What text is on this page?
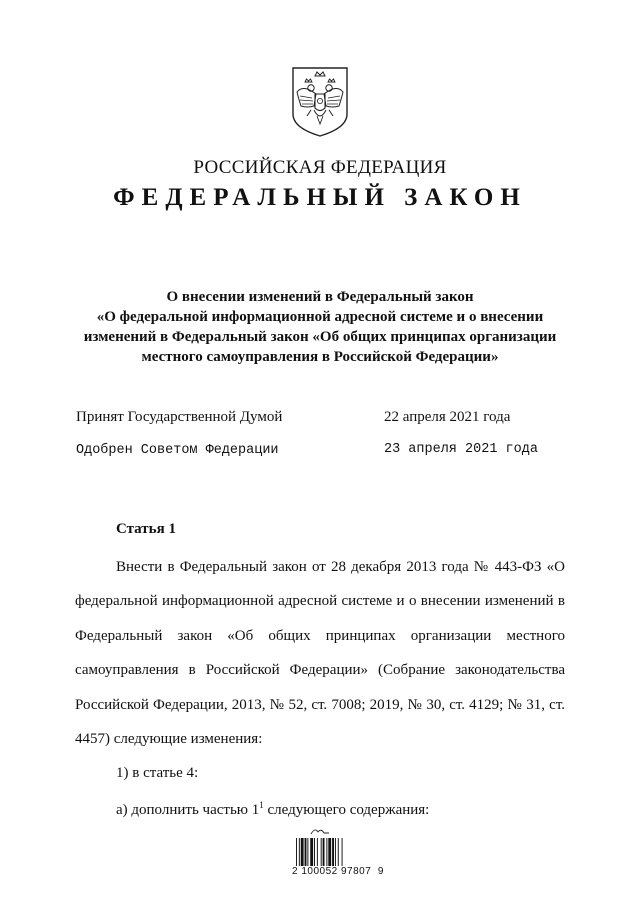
РОССИЙСКАЯ ФЕДЕРАЦИЯ
ФЕДЕРАЛЬНЫЙ ЗАКОН
О внесении изменений в Федеральный закон
«О федеральной информационной адресной системе и о внесении
изменений в Федеральный закон «Об общих принципах организации
местного самоуправления в Российской Федерации»
Принят Государственной Думой	22 апреля 2021 года
Одобрен Советом Федерации	23 апреля 2021 года
Статья 1

Внести в Федеральный закон от 28 декабря 2013 года № 443-ФЗ «О федеральной информационной адресной системе и о внесении изменений в Федеральный закон «Об общих принципах организации местного самоуправления в Российской Федерации» (Собрание законодательства Российской Федерации, 2013, № 52, ст. 7008; 2019, № 30, ст. 4129; № 31, ст. 4457) следующие изменения:

1) в статье 4:
а) дополнить частью $1^1$ следующего содержания:
2 100052 97807  9
